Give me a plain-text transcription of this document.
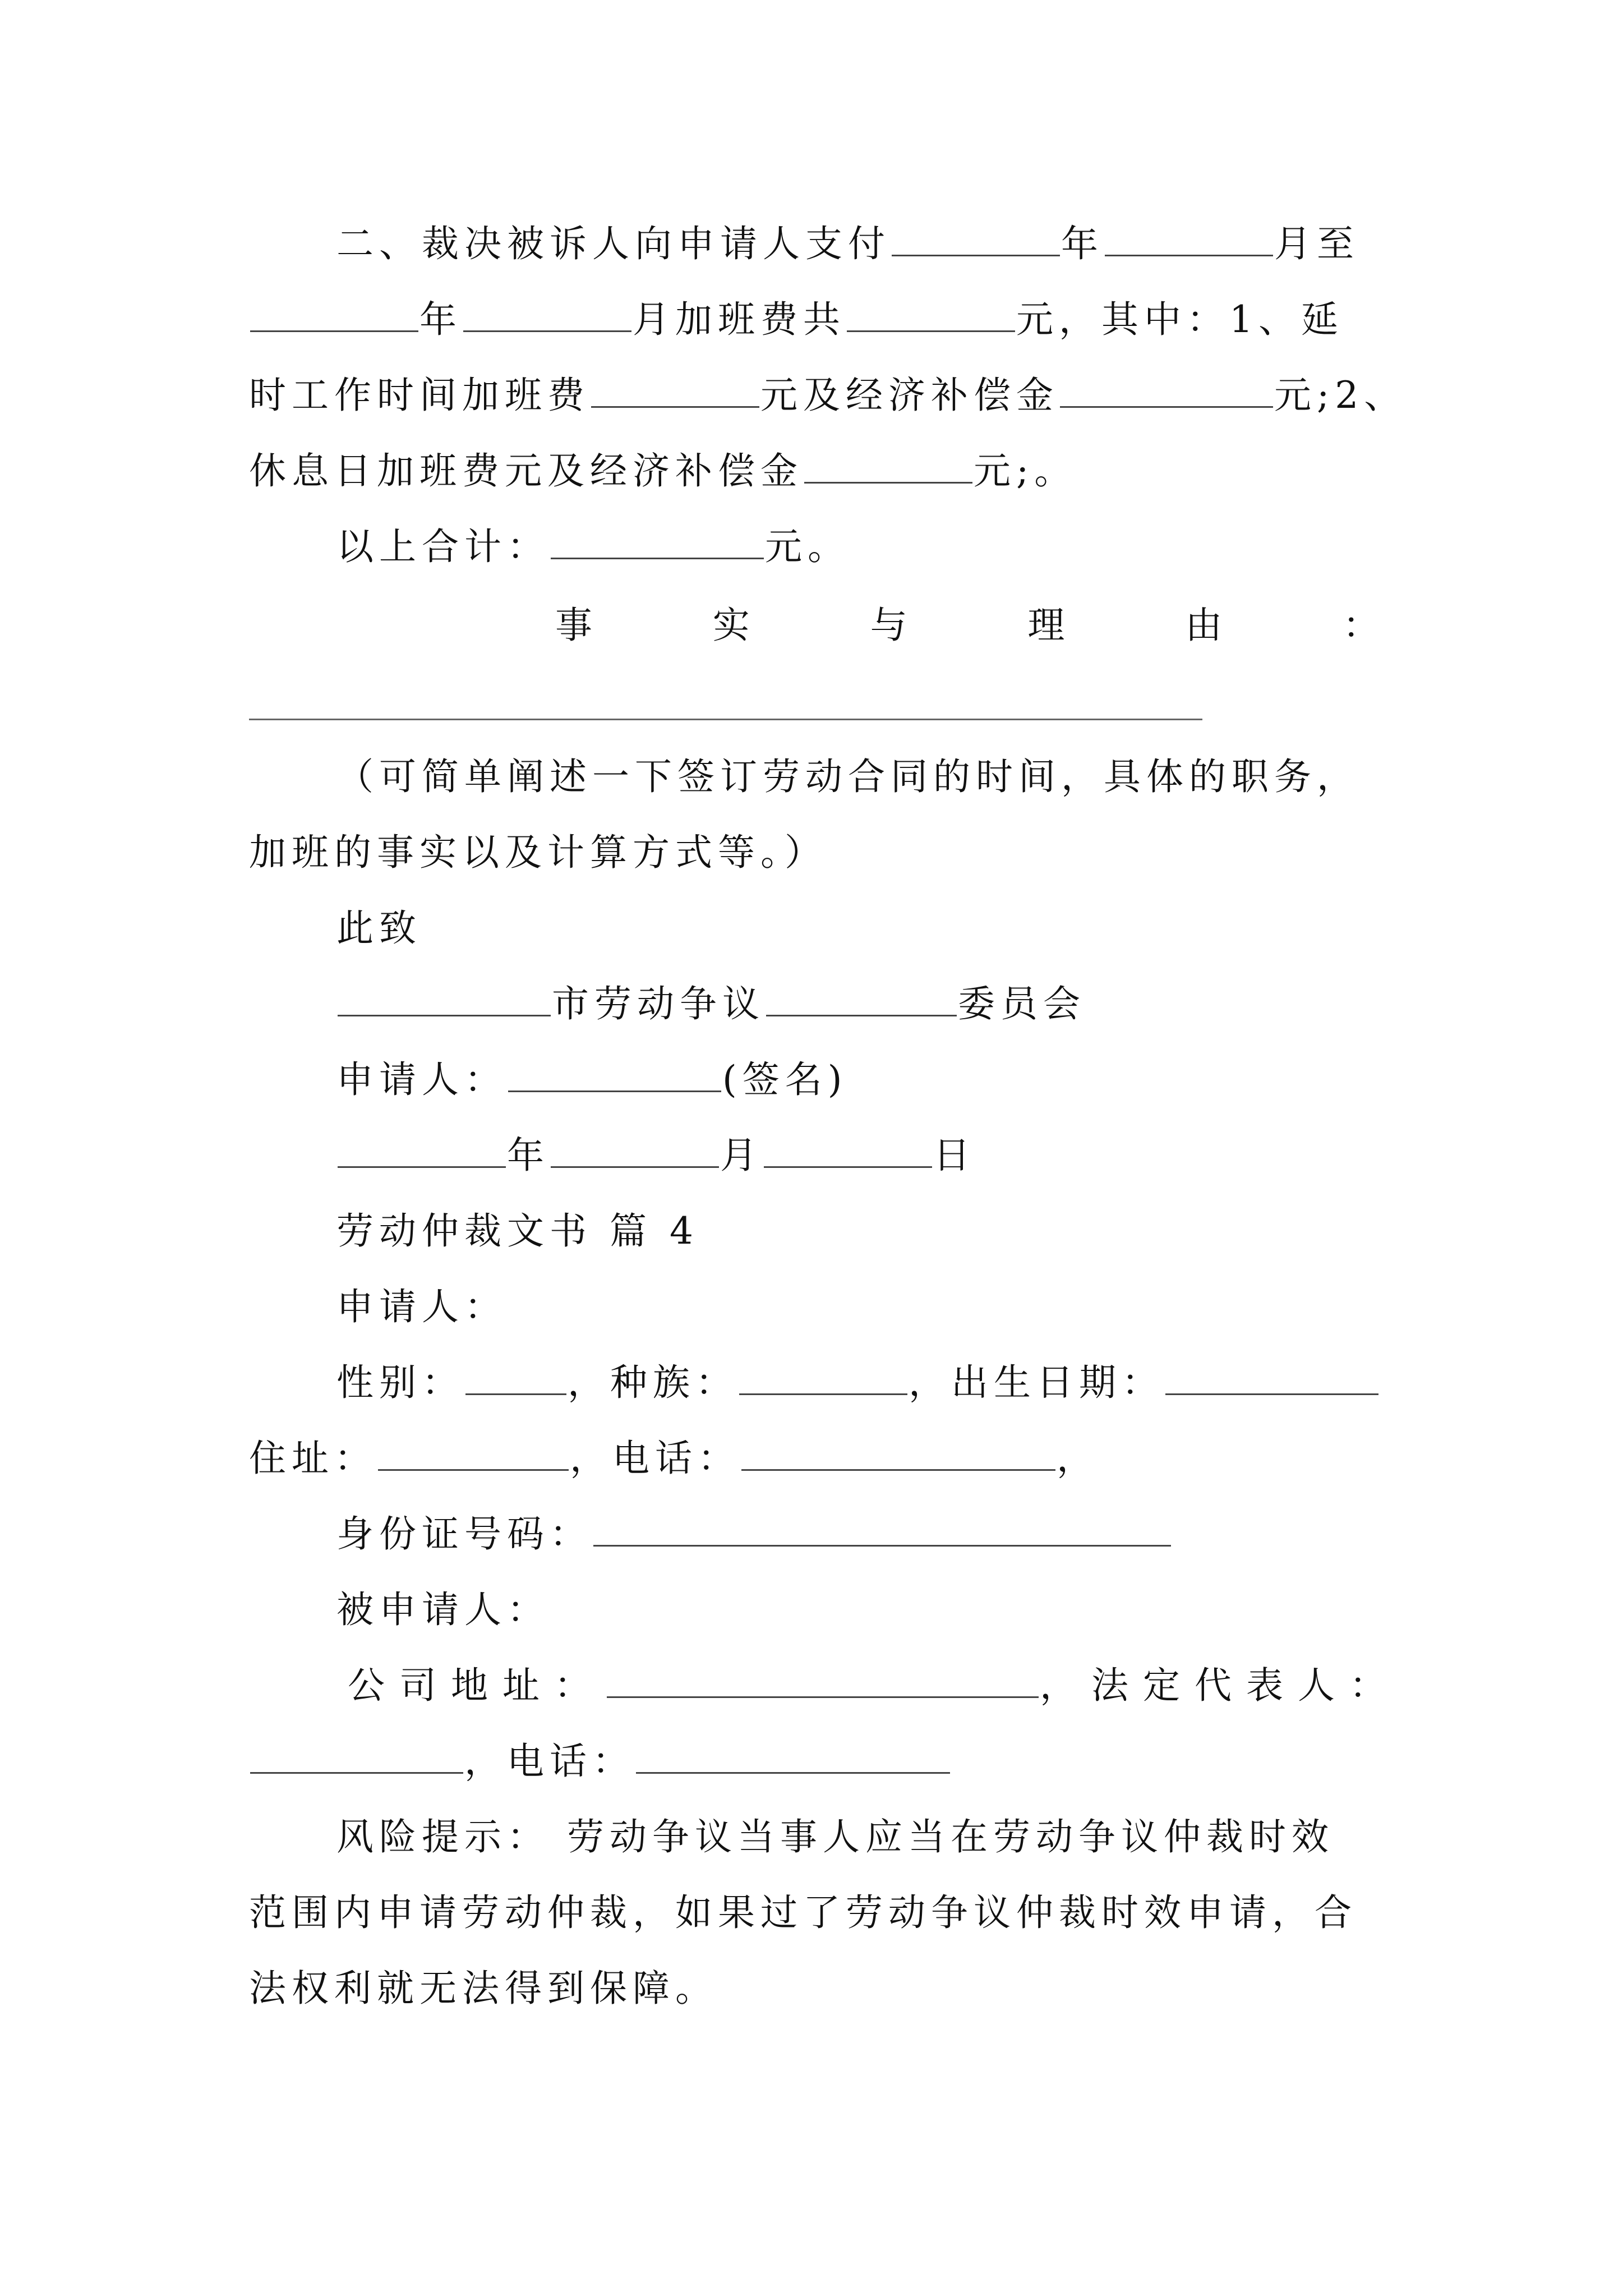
二、裁决被诉人向申请人支付	年	月至
年	月加班费共	元，其中：1、延
时工作时间加班费	元及经济补偿金	元;2、
休息日加班费元及经济补偿金	元;。
以上合计：	元。
事	实	与	理	由	：
（可简单阐述一下签订劳动合同的时间，具体的职务，
加班的事实以及计算方式等。）
此致
市劳动争议	委员会
申请人：	(签名)
年	月	日
劳动仲裁文书 篇 4
申请人：
性别：	，种族：	，出生日期：
住址：	，电话：	，
身份证号码：
被申请人：
公司地址：	，法定代表人：
，电话：
风险提示： 劳动争议当事人应当在劳动争议仲裁时效
范围内申请劳动仲裁，如果过了劳动争议仲裁时效申请，合
法权利就无法得到保障。
